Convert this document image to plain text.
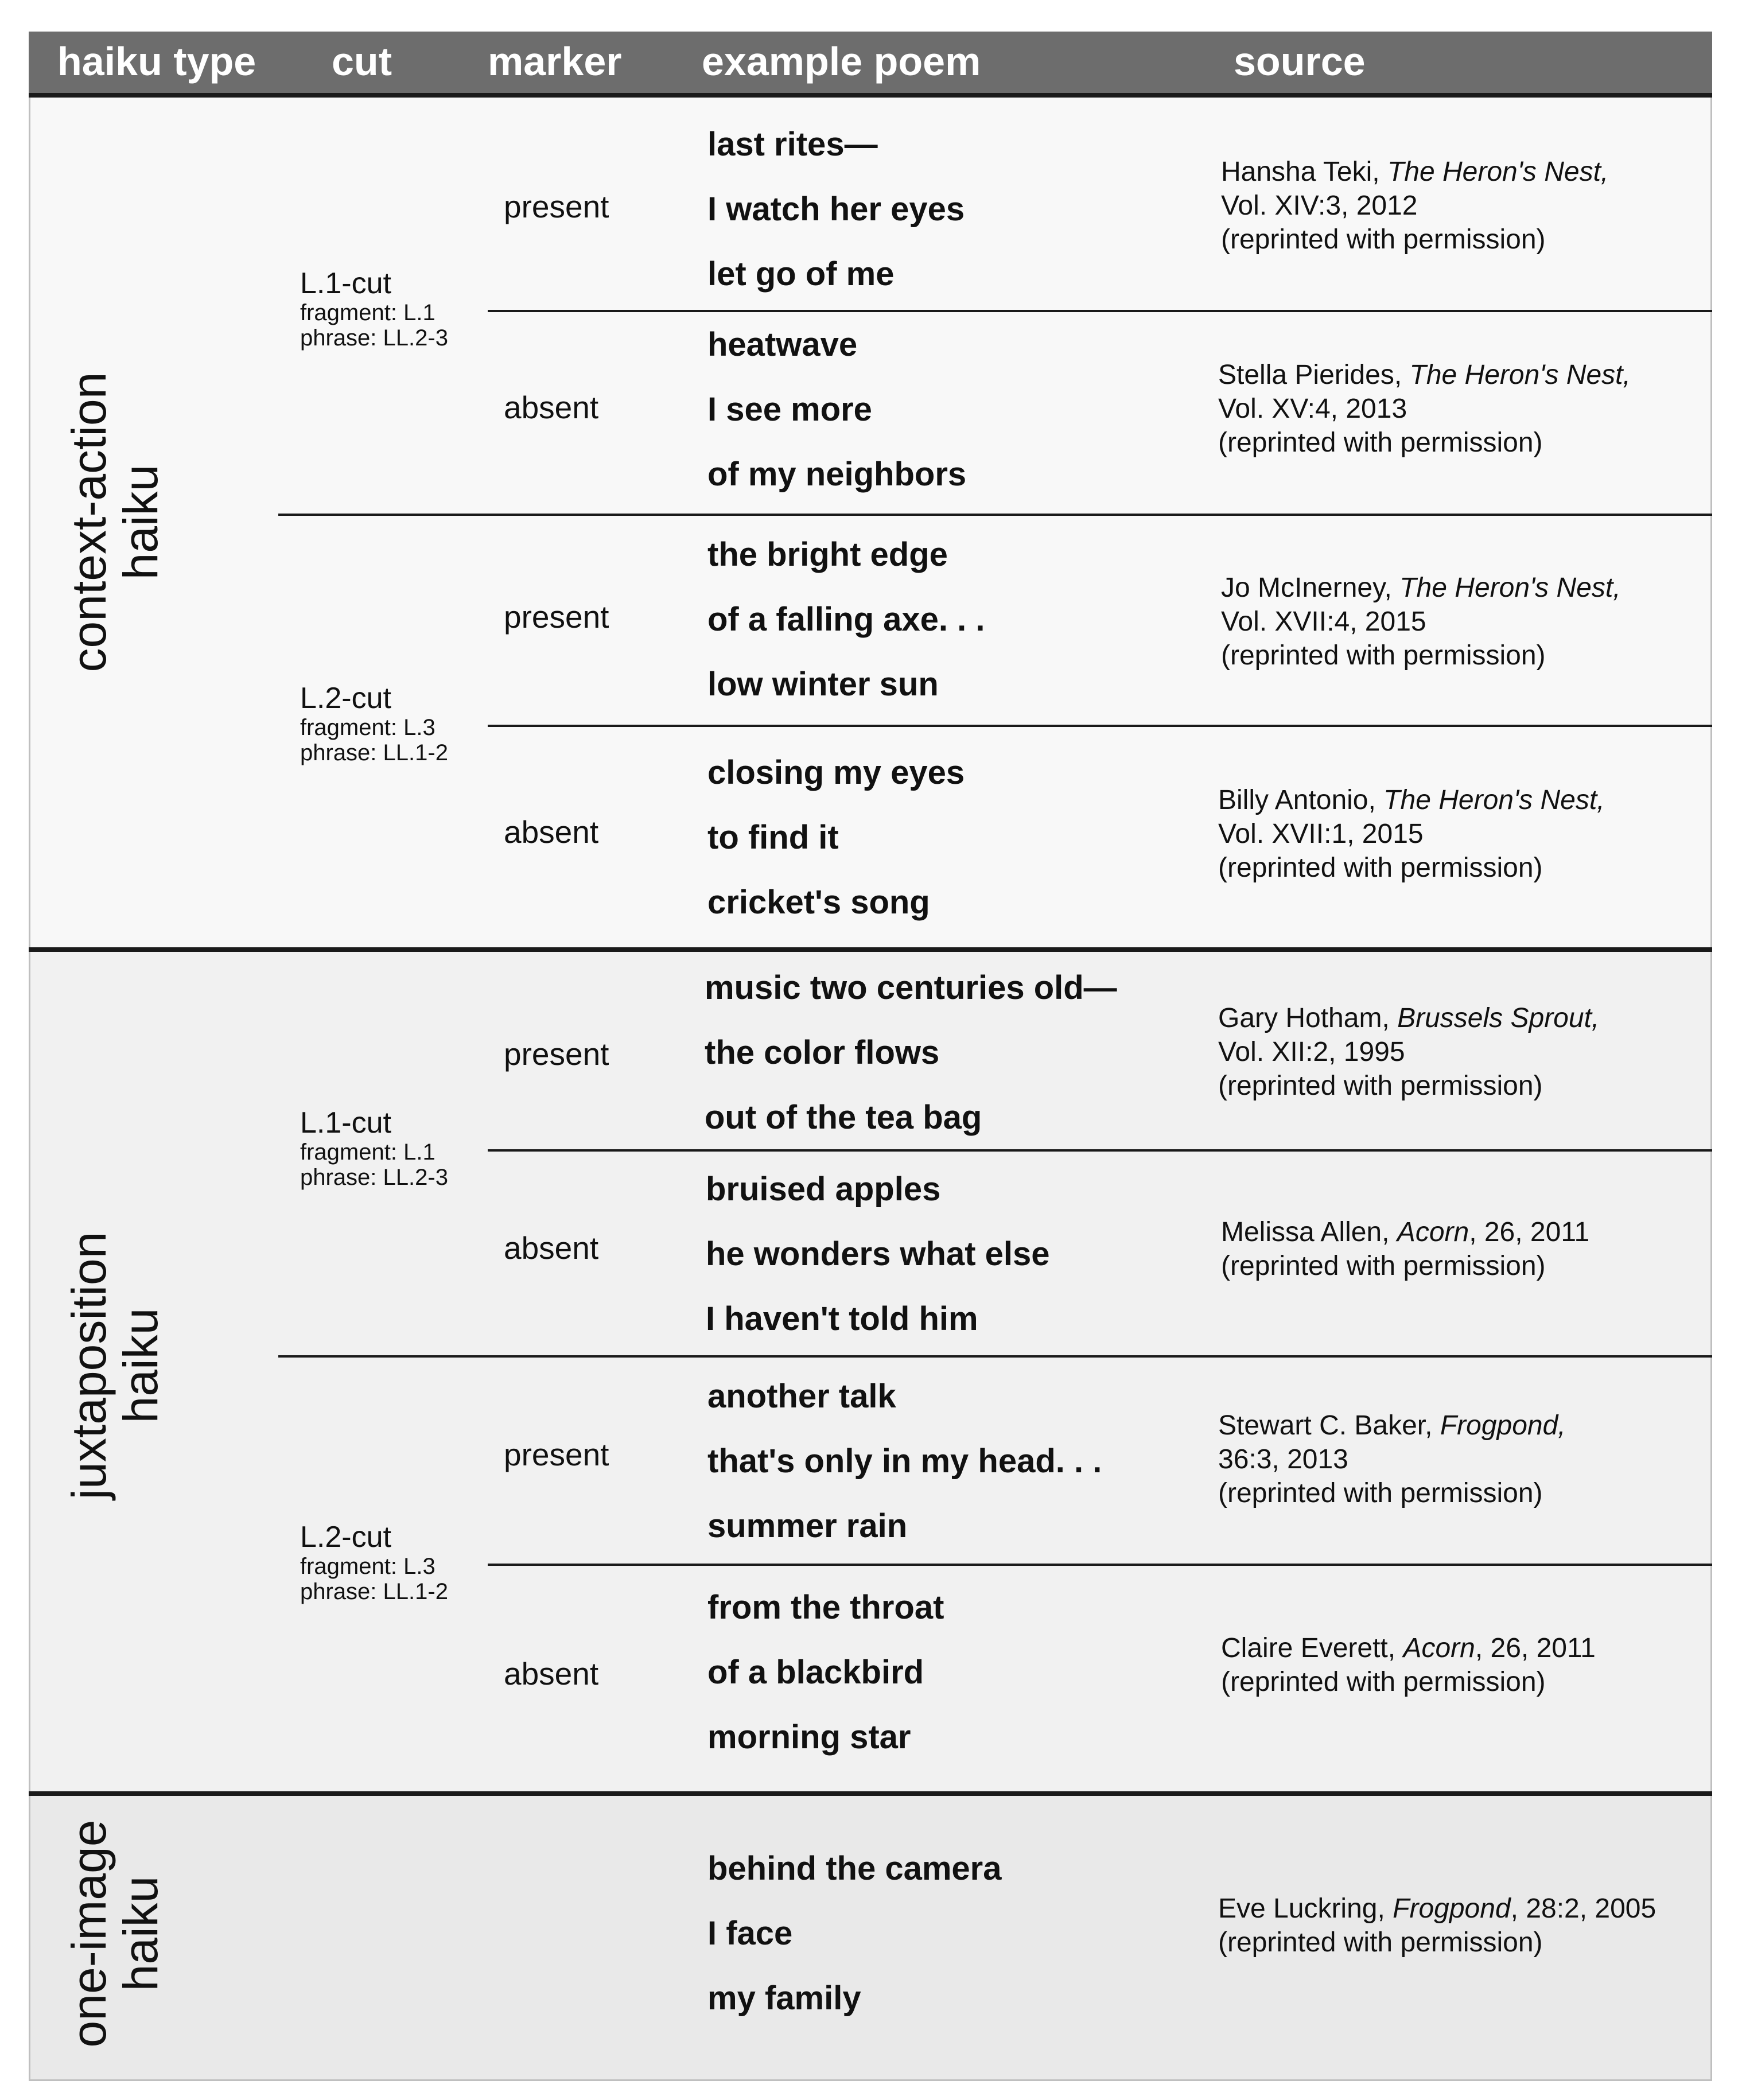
haiku type cut marker example poem	source
context-action
haiku
L.1-cut
fragment: L.1
phrase: LL.2-3
present
last rites—
I watch her eyes
let go of me
Hansha Teki, The Heron's Nest,
Vol. XIV:3, 2012
(reprinted with permission)
absent
heatwave
I see more
of my neighbors
Stella Pierides, The Heron's Nest,
Vol. XV:4, 2013
(reprinted with permission)
L.2-cut
fragment: L.3
phrase: LL.1-2
present
the bright edge
of a falling axe. . .
low winter sun
Jo McInerney, The Heron's Nest,
Vol. XVII:4, 2015
(reprinted with permission)
absent
closing my eyes
to find it
cricket's song
Billy Antonio, The Heron's Nest,
Vol. XVII:1, 2015
(reprinted with permission)
juxtaposition
haiku
L.1-cut
fragment: L.1
phrase: LL.2-3
present
music two centuries old—
the color flows
out of the tea bag
Gary Hotham, Brussels Sprout,
Vol. XII:2, 1995
(reprinted with permission)
absent
bruised apples
he wonders what else
I haven't told him
Melissa Allen, Acorn, 26, 2011
(reprinted with permission)
L.2-cut
fragment: L.3
phrase: LL.1-2
present
another talk
that's only in my head. . .
summer rain
Stewart C. Baker, Frogpond,
36:3, 2013
(reprinted with permission)
absent
from the throat
of a blackbird
morning star
Claire Everett, Acorn, 26, 2011
(reprinted with permission)
one-image
haiku
behind the camera
I face
my family
Eve Luckring, Frogpond, 28:2, 2005
(reprinted with permission)
